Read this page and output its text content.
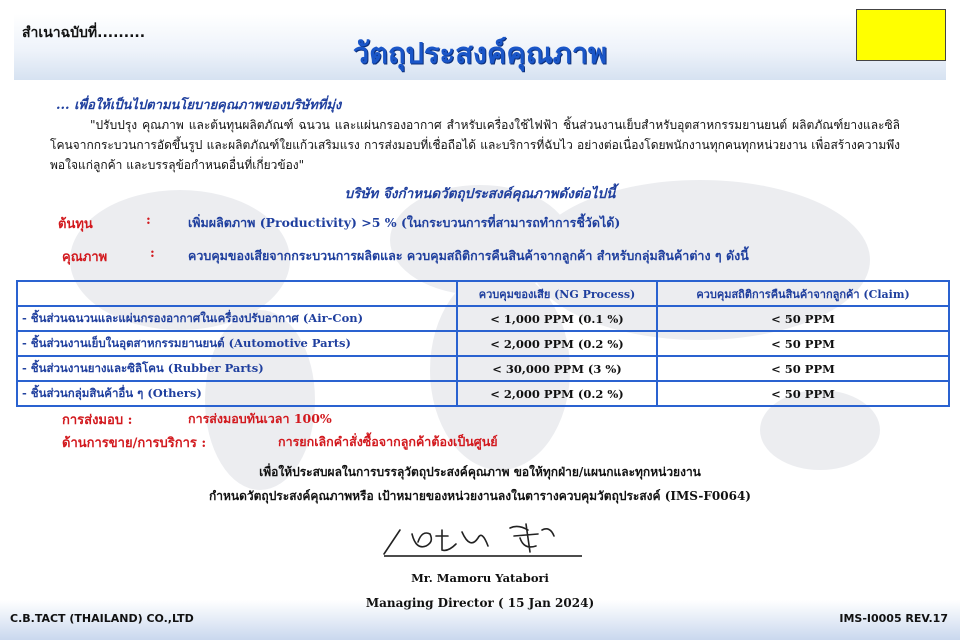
สำเนาฉบับที่.........
วัตถุประสงค์คุณภาพ
... เพื่อให้เป็นไปตามนโยบายคุณภาพของบริษัทที่มุ่ง

"ปรับปรุง คุณภาพ และต้นทุนผลิตภัณฑ์ ฉนวน และแผ่นกรองอากาศ สำหรับเครื่องใช้ไฟฟ้า ชิ้นส่วนงานเย็บสำหรับอุตสาหกรรมยานยนต์ ผลิตภัณฑ์ยางและซิลิโคนจากกระบวนการอัดขึ้นรูป และผลิตภัณฑ์ใยแก้วเสริมแรง การส่งมอบที่เชื่อถือได้ และบริการที่ฉับไว อย่างต่อเนื่องโดยพนักงานทุกคนทุกหน่วยงาน เพื่อสร้างความพึงพอใจแก่ลูกค้า และบรรลุข้อกำหนดอื่นที่เกี่ยวข้อง"

บริษัท จึงกำหนดวัตถุประสงค์คุณภาพดังต่อไปนี้
ต้นทุน	:	เพิ่มผลิตภาพ (Productivity) >5 % (ในกระบวนการที่สามารถทำการชี้วัดได้)
คุณภาพ	:	ควบคุมของเสียจากกระบวนการผลิตและ ควบคุมสถิติการคืนสินค้าจากลูกค้า สำหรับกลุ่มสินค้าต่าง ๆ ดังนี้
	ควบคุมของเสีย (NG Process)	ควบคุมสถิติการคืนสินค้าจากลูกค้า (Claim)
- ชิ้นส่วนฉนวนและแผ่นกรองอากาศในเครื่องปรับอากาศ (Air-Con)	< 1,000 PPM (0.1 %)	< 50 PPM
- ชิ้นส่วนงานเย็บในอุตสาหกรรมยานยนต์ (Automotive Parts)	< 2,000 PPM (0.2 %)	< 50 PPM
- ชิ้นส่วนงานยางและซิลิโคน (Rubber Parts)	< 30,000 PPM (3 %)	< 50 PPM
- ชิ้นส่วนกลุ่มสินค้าอื่น ๆ (Others)	< 2,000 PPM (0.2 %)	< 50 PPM
การส่งมอบ :	การส่งมอบทันเวลา 100%
ด้านการขาย/การบริการ :	การยกเลิกคำสั่งซื้อจากลูกค้าต้องเป็นศูนย์
เพื่อให้ประสบผลในการบรรลุวัตถุประสงค์คุณภาพ ขอให้ทุกฝ่าย/แผนกและทุกหน่วยงาน
กำหนดวัตถุประสงค์คุณภาพหรือ เป้าหมายของหน่วยงานลงในตารางควบคุมวัตถุประสงค์ (IMS-F0064)
Mr. Mamoru Yatabori
Managing Director ( 15 Jan 2024)
C.B.TACT (THAILAND) CO.,LTD	IMS-I0005 REV.17
